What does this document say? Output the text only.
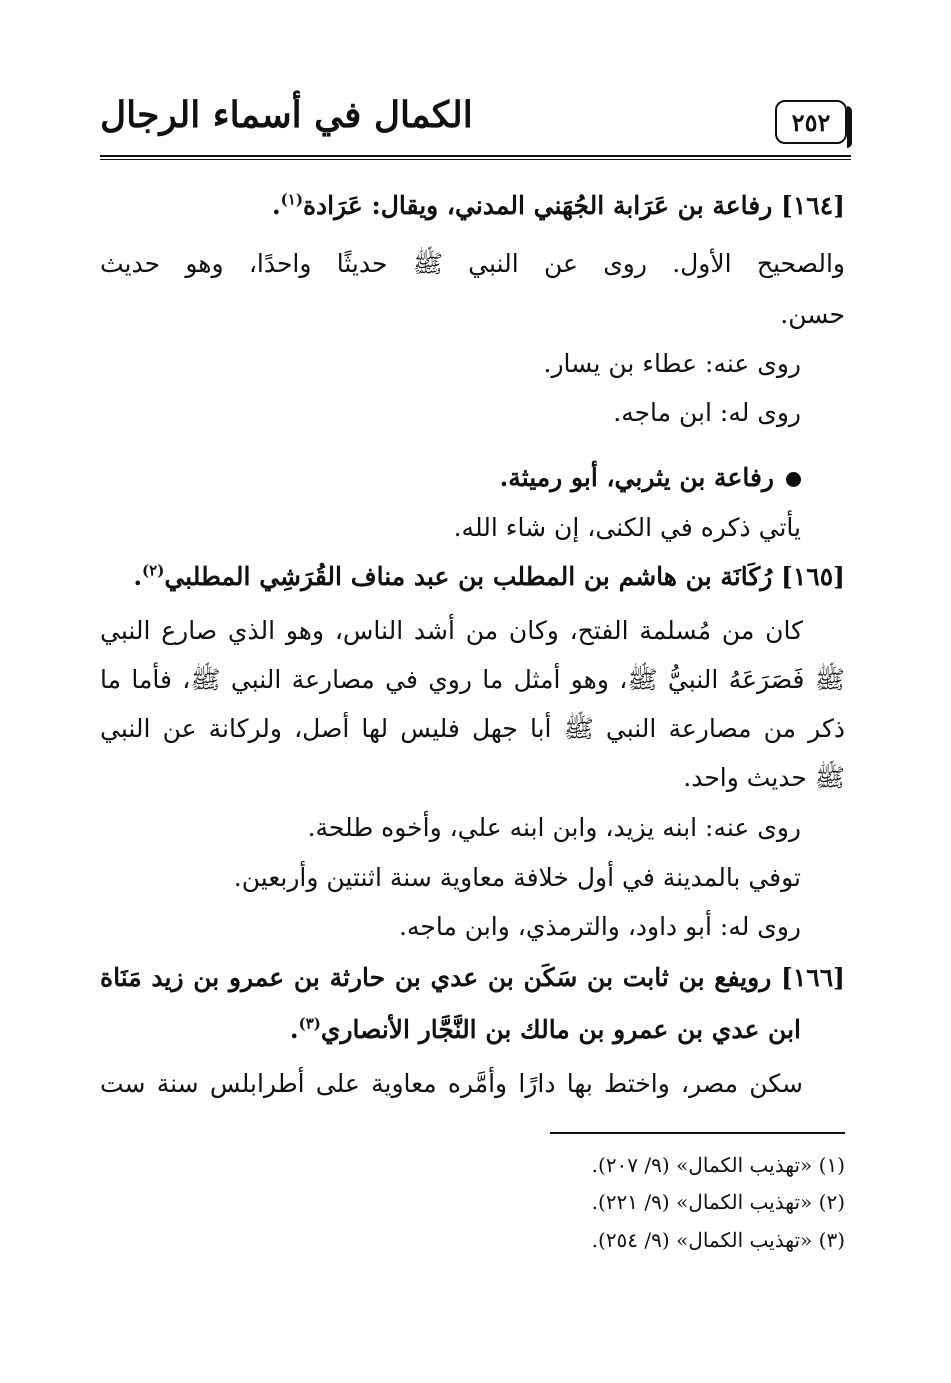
٢٥٢
الكمال في أسماء الرجال
[١٦٤] رفاعة بن عَرَابة الجُهَني المدني، ويقال: عَرَادة$^{(١)}$.
والصحيح الأول. روى عن النبي ﷺ حديثًا واحدًا، وهو حديث
حسن.
روى عنه: عطاء بن يسار.
روى له: ابن ماجه.
رفاعة بن يثربي، أبو رميثة.
يأتي ذكره في الكنى، إن شاء الله.
[١٦٥] رُكَانَة بن هاشم بن المطلب بن عبد مناف القُرَشِي المطلبي$^{(٢)}$.
كان من مُسلمة الفتح، وكان من أشد الناس، وهو الذي صارع النبي
ﷺ فَصَرَعَهُ النبيُّ ﷺ، وهو أمثل ما روي في مصارعة النبي ﷺ، فأما ما
ذكر من مصارعة النبي ﷺ أبا جهل فليس لها أصل، ولركانة عن النبي
ﷺ حديث واحد.
روى عنه: ابنه يزيد، وابن ابنه علي، وأخوه طلحة.
توفي بالمدينة في أول خلافة معاوية سنة اثنتين وأربعين.
روى له: أبو داود، والترمذي، وابن ماجه.
[١٦٦] رويفع بن ثابت بن سَكَن بن عدي بن حارثة بن عمرو بن زيد مَنَاة
ابن عدي بن عمرو بن مالك بن النَّجَّار الأنصاري$^{(٣)}$.
سكن مصر، واختط بها دارًا وأمَّره معاوية على أطرابلس سنة ست
(١) «تهذيب الكمال» (٩/ ٢٠٧).
(٢) «تهذيب الكمال» (٩/ ٢٢١).
(٣) «تهذيب الكمال» (٩/ ٢٥٤).
